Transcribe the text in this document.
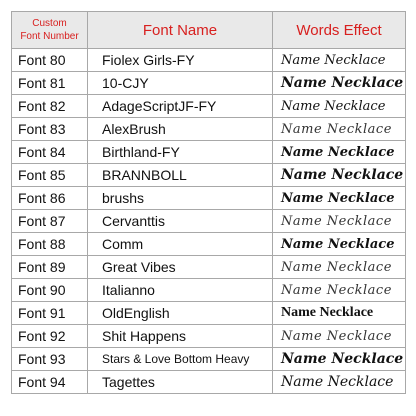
Custom
Font Number	Font Name	Words Effect
Font 80	Fiolex Girls-FY	Name Necklace
Font 81	10-CJY	Name Necklace
Font 82	AdageScriptJF-FY	Name Necklace
Font 83	AlexBrush	Name Necklace
Font 84	Birthland-FY	Name Necklace
Font 85	BRANNBOLL	Name Necklace
Font 86	brushs	Name Necklace
Font 87	Cervanttis	Name Necklace
Font 88	Comm	Name Necklace
Font 89	Great Vibes	Name Necklace
Font 90	Italianno	Name Necklace
Font 91	OldEnglish	Name Necklace
Font 92	Shit Happens	Name Necklace
Font 93	Stars & Love Bottom Heavy	Name Necklace
Font 94	Tagettes	Name Necklace
